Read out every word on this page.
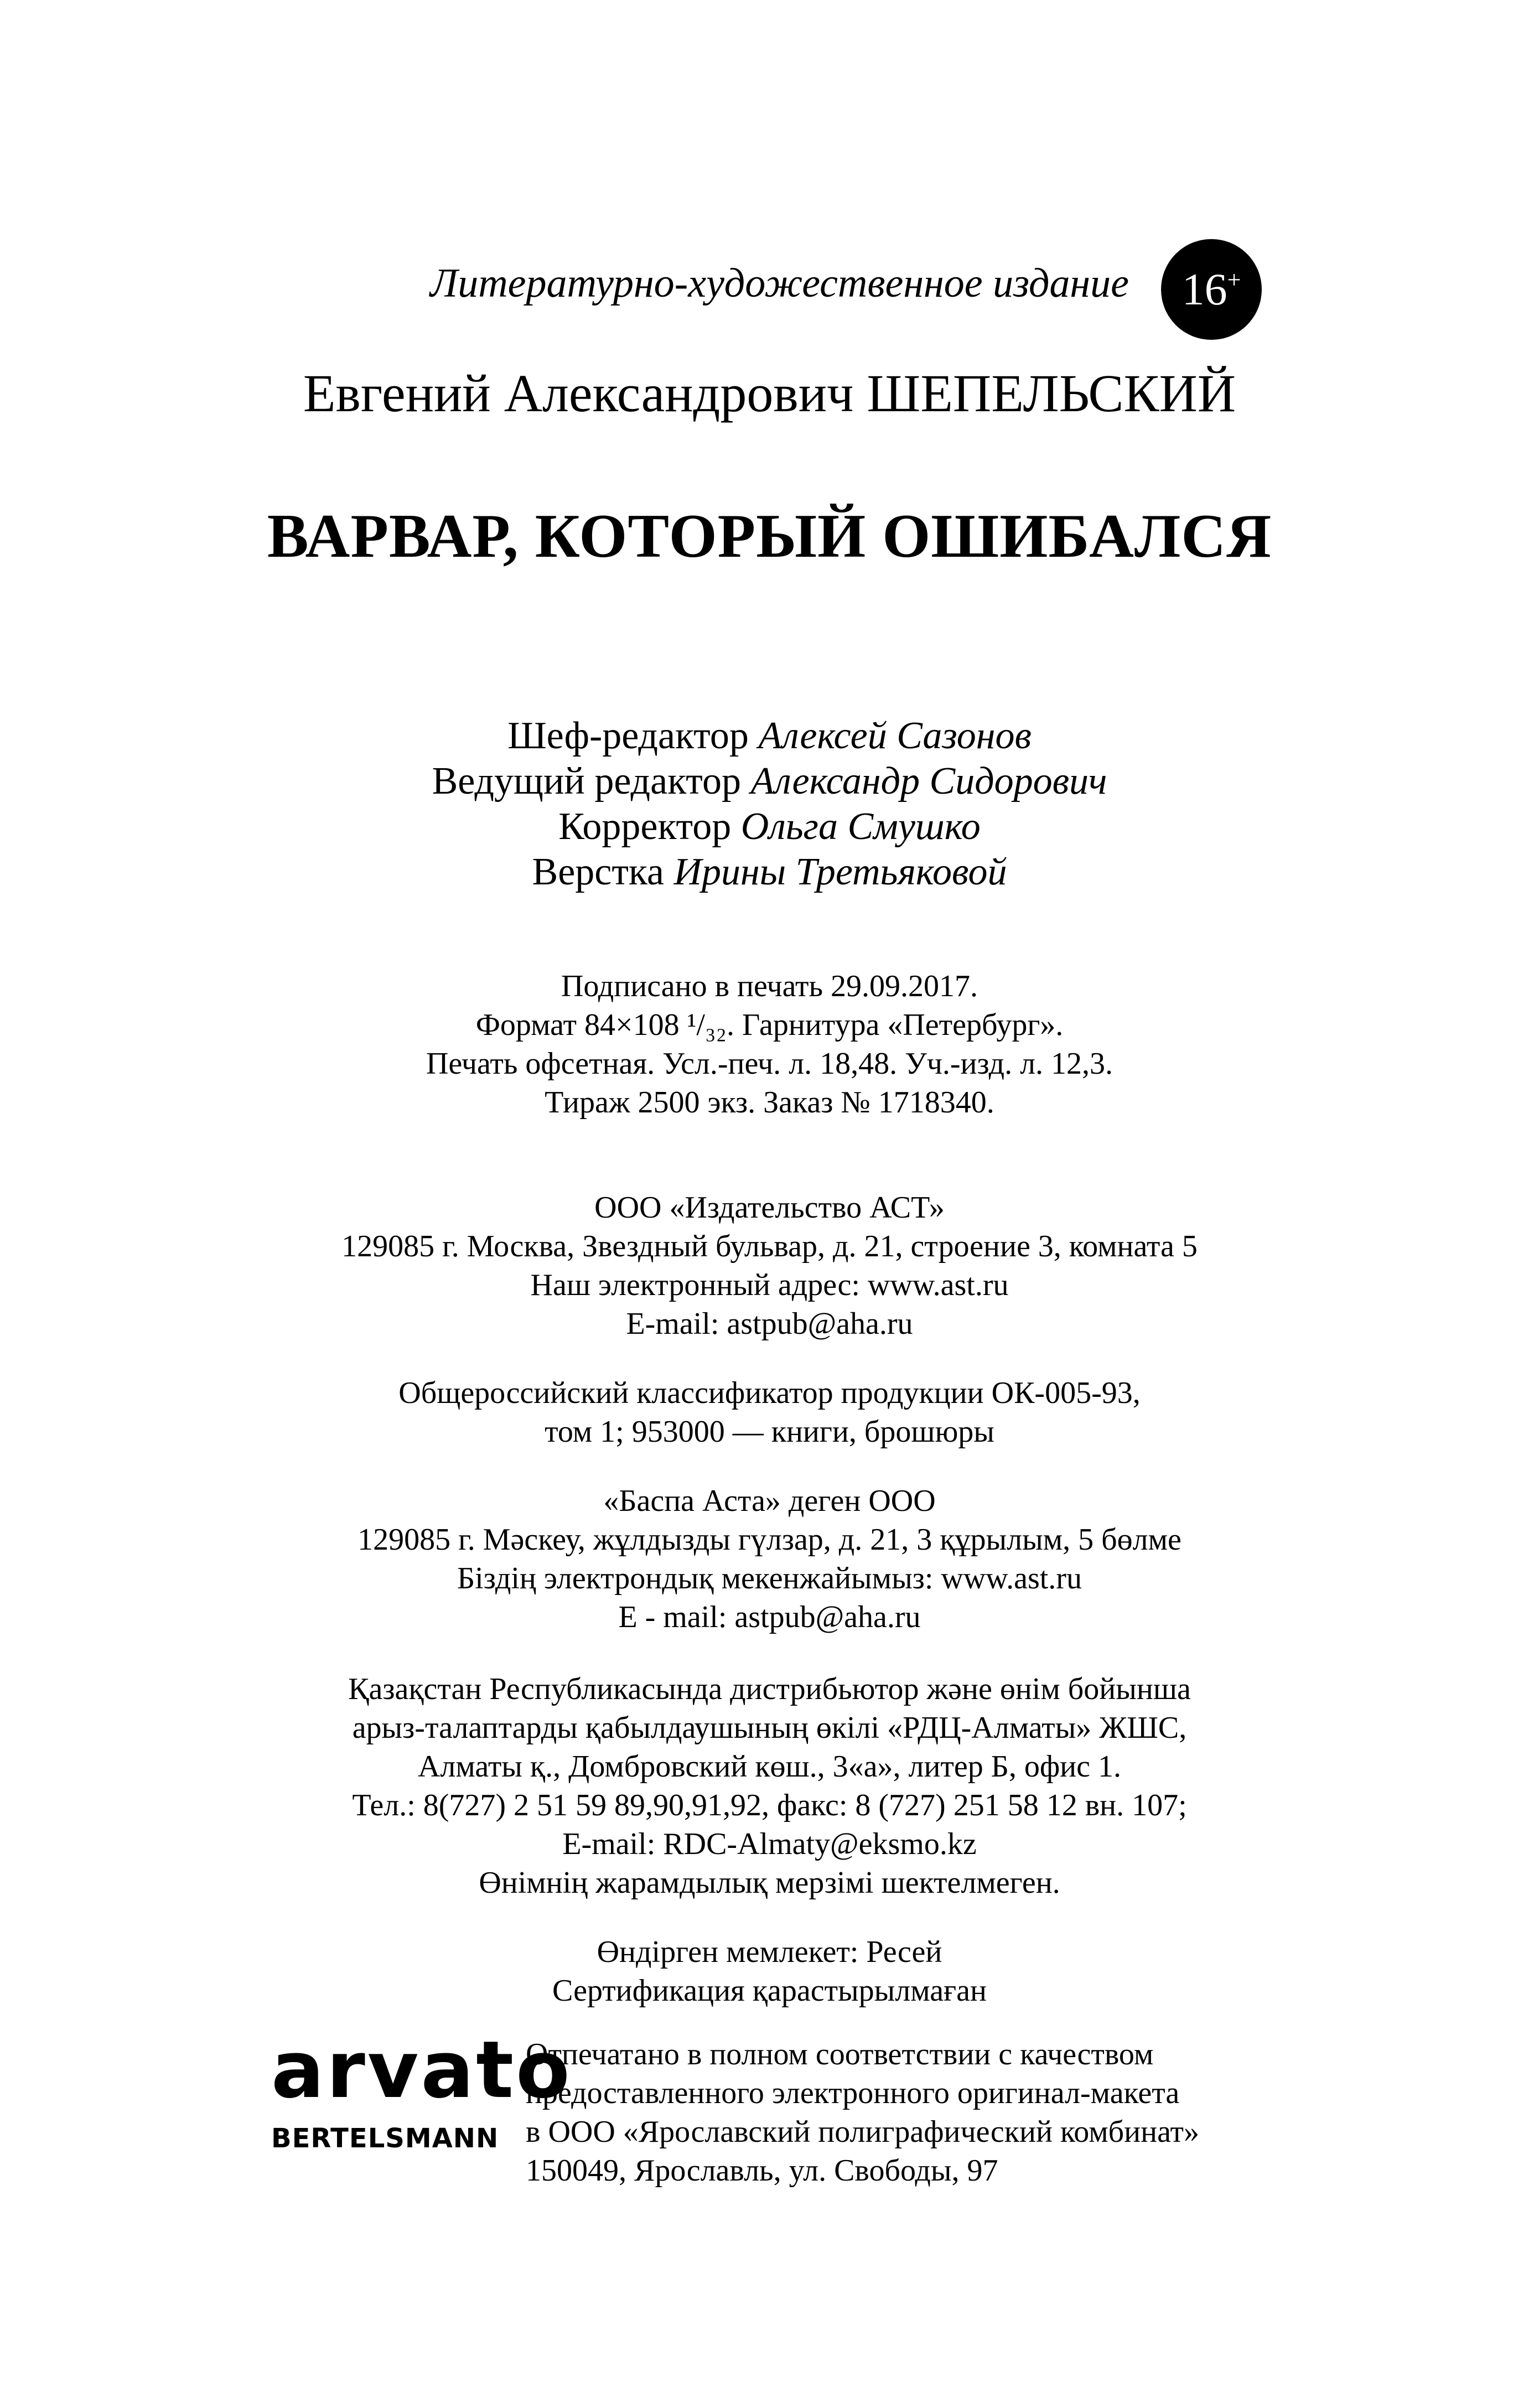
Литературно-художественное издание	16+
Евгений Александрович ШЕПЕЛЬСКИЙ
ВАРВАР, КОТОРЫЙ ОШИБАЛСЯ
Шеф-редактор Алексей Сазонов
Ведущий редактор Александр Сидорович
Корректор Ольга Смушко
Верстка Ирины Третьяковой
Подписано в печать 29.09.2017.
Формат 84×108 ¹/₃₂. Гарнитура «Петербург».
Печать офсетная. Усл.-печ. л. 18,48. Уч.-изд. л. 12,3.
Тираж 2500 экз. Заказ № 1718340.
ООО «Издательство АСТ»
129085 г. Москва, Звездный бульвар, д. 21, строение 3, комната 5
Наш электронный адрес: www.ast.ru
E-mail: astpub@aha.ru
Общероссийский классификатор продукции ОК-005-93,
том 1; 953000 — книги, брошюры
«Баспа Аста» деген ООО
129085 г. Мәскеу, жұлдызды гүлзар, д. 21, 3 құрылым, 5 бөлме
Біздің электрондық мекенжайымыз: www.ast.ru
E - mail: astpub@aha.ru
Қазақстан Республикасында дистрибьютор және өнім бойынша
арыз-талаптарды қабылдаушының өкілі «РДЦ-Алматы» ЖШС,
Алматы қ., Домбровский көш., 3«а», литер Б, офис 1.
Тел.: 8(727) 2 51 59 89,90,91,92, факс: 8 (727) 251 58 12 вн. 107;
E-mail: RDC-Almaty@eksmo.kz
Өнімнің жарамдылық мерзімі шектелмеген.
Өндірген мемлекет: Ресей
Сертификация қарастырылмаған
arvato
BERTELSMANN
Отпечатано в полном соответствии с качеством
предоставленного электронного оригинал-макета
в ООО «Ярославский полиграфический комбинат»
150049, Ярославль, ул. Свободы, 97
